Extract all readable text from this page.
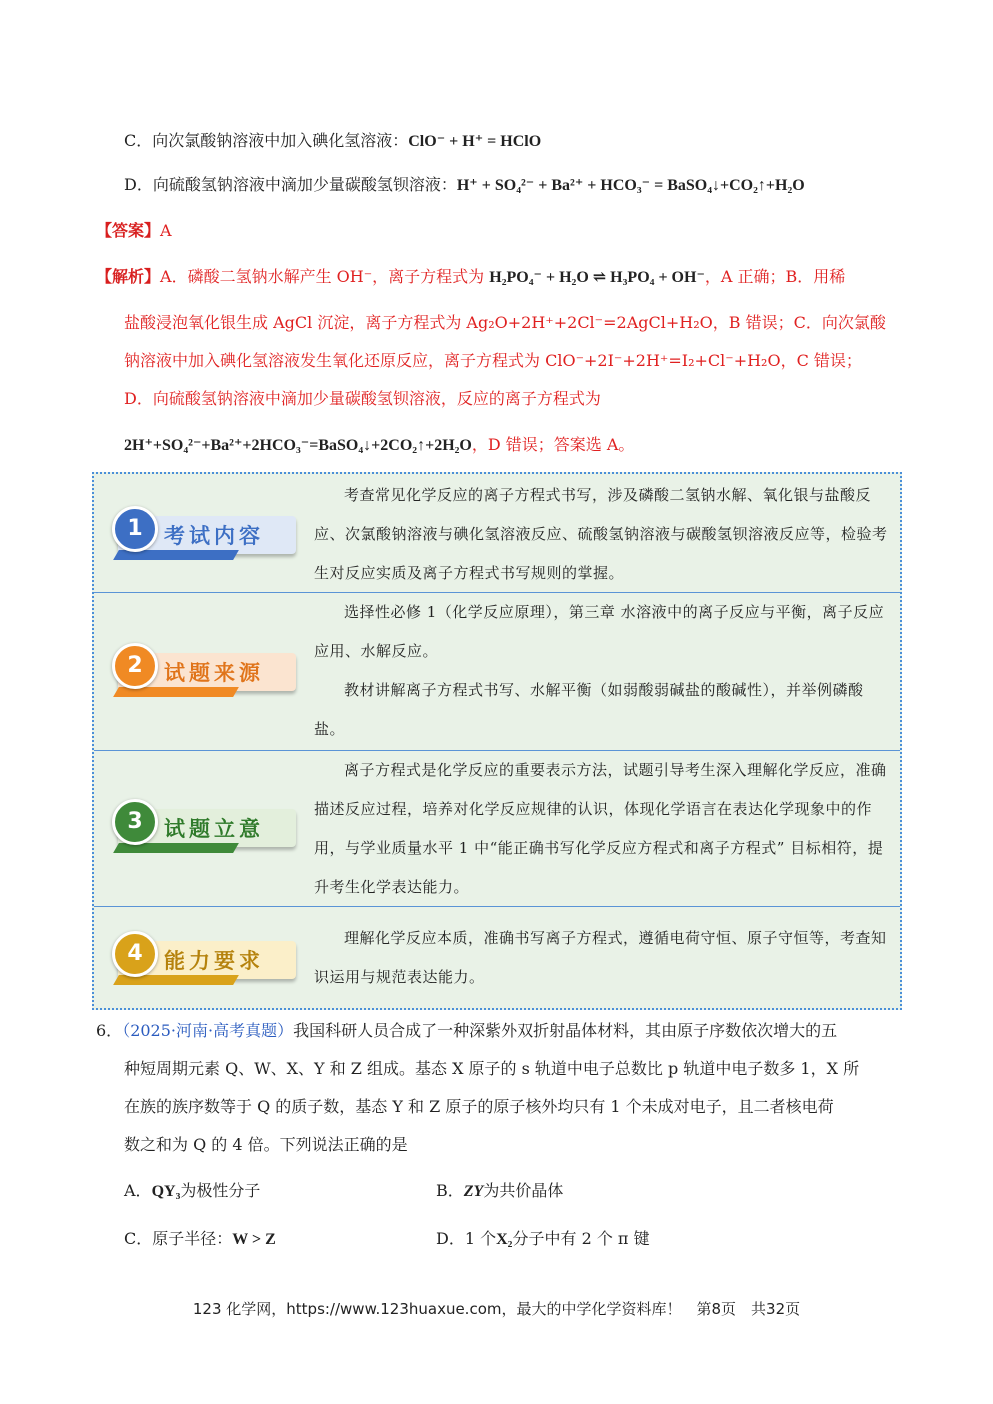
C．向次氯酸钠溶液中加入碘化氢溶液：ClO⁻ + H⁺ = HClO
D．向硫酸氢钠溶液中滴加少量碳酸氢钡溶液：H⁺ + SO₄²⁻ + Ba²⁺ + HCO₃⁻ = BaSO₄↓+CO₂↑+H₂O
【答案】A
【解析】A．磷酸二氢钠水解产生 OH⁻，离子方程式为 H₂PO₄⁻ + H₂O ⇌ H₃PO₄ + OH⁻，A 正确；B．用稀
盐酸浸泡氧化银生成 AgCl 沉淀，离子方程式为 Ag₂O+2H⁺+2Cl⁻=2AgCl+H₂O，B 错误；C．向次氯酸
钠溶液中加入碘化氢溶液发生氧化还原反应，离子方程式为 ClO⁻+2I⁻+2H⁺=I₂+Cl⁻+H₂O，C 错误；
D．向硫酸氢钠溶液中滴加少量碳酸氢钡溶液，反应的离子方程式为
2H⁺+SO₄²⁻+Ba²⁺+2HCO₃⁻=BaSO₄↓+2CO₂↑+2H₂O，D 错误；答案选 A。
1	考试内容
考查常见化学反应的离子方程式书写，涉及磷酸二氢钠水解、氧化银与盐酸反应、次氯酸钠溶液与碘化氢溶液反应、硫酸氢钠溶液与碳酸氢钡溶液反应等，检验考生对反应实质及离子方程式书写规则的掌握。
2	试题来源
选择性必修 1（化学反应原理），第三章 水溶液中的离子反应与平衡，离子反应应用、水解反应。
教材讲解离子方程式书写、水解平衡（如弱酸弱碱盐的酸碱性），并举例磷酸盐。
3	试题立意
离子方程式是化学反应的重要表示方法，试题引导考生深入理解化学反应，准确描述反应过程，培养对化学反应规律的认识，体现化学语言在表达化学现象中的作用，与学业质量水平 1 中“能正确书写化学反应方程式和离子方程式” 目标相符，提升考生化学表达能力。
4	能力要求
理解化学反应本质，准确书写离子方程式，遵循电荷守恒、原子守恒等，考查知识运用与规范表达能力。
6．（2025·河南·高考真题）我国科研人员合成了一种深紫外双折射晶体材料，其由原子序数依次增大的五
种短周期元素 Q、W、X、Y 和 Z 组成。基态 X 原子的 s 轨道中电子总数比 p 轨道中电子数多 1，X 所
在族的族序数等于 Q 的质子数，基态 Y 和 Z 原子的原子核外均只有 1 个未成对电子，且二者核电荷
数之和为 Q 的 4 倍。下列说法正确的是
A．QY₃为极性分子	B．ZY为共价晶体
C．原子半径：W > Z	D．1 个X₂分子中有 2 个 π 键
123 化学网，https://www.123huaxue.com，最大的中学化学资料库！　第8页　共32页
